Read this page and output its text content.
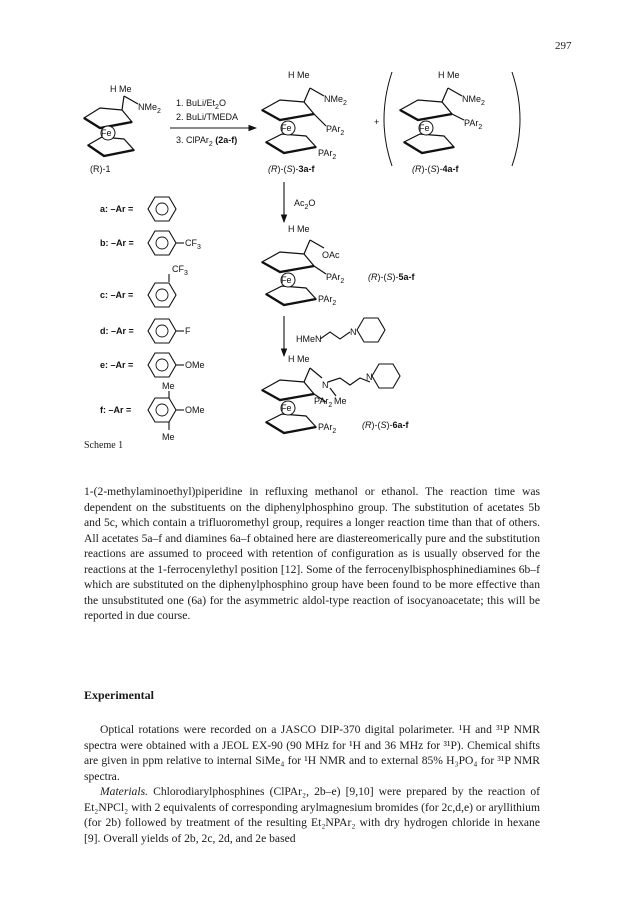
297
Fe
H Me
NMe$_2$
(R)-1
1. BuLi/$Et_2O$
2. BuLi/TMEDA
3. ClPAr$_2$ (2a-f)
Fe
H Me
NMe$_2$
PAr$_2$
PAr$_2$
(R)-(S)-3a-f
+
Fe
H Me
NMe$_2$
PAr$_2$
(R)-(S)-4a-f
a: –Ar =
b: –Ar =	$CF_3$
$CF_3$
c: –Ar =
d: –Ar =	F
e: –Ar =	OMe
Me
f: –Ar =	OMe
Me
$Ac_2O$
Fe
H Me
OAc
PAr$_2$
PAr$_2$
(R)-(S)-5a-f
HMeN
N
N
Fe
H Me
N
Me
PAr$_2$
PAr$_2$
(R)-(S)-6a-f
Scheme 1
1-(2-methylaminoethyl)piperidine in refluxing methanol or ethanol. The reaction time was dependent on the substituents on the diphenylphosphino group. The substitution of acetates 5b and 5c, which contain a trifluoromethyl group, requires a longer reaction time than that of others. All acetates 5a–f and diamines 6a–f obtained here are diastereomerically pure and the substitution reactions are assumed to proceed with retention of configuration as is usually observed for the reactions at the 1-ferrocenylethyl position [12]. Some of the ferrocenylbisphosphinediamines 6b–f which are substituted on the diphenylphosphino group have been found to be more effective than the unsubstituted one (6a) for the asymmetric aldol-type reaction of isocyanoacetate; this will be reported in due course.
Experimental
Optical rotations were recorded on a JASCO DIP-370 digital polarimeter. ¹H and ³¹P NMR spectra were obtained with a JEOL EX-90 (90 MHz for ¹H and 36 MHz for ³¹P). Chemical shifts are given in ppm relative to internal SiMe₄ for ¹H NMR and to external 85% H₃PO₄ for ³¹P NMR spectra.
Materials. Chlorodiarylphosphines (ClPAr₂, 2b–e) [9,10] were prepared by the reaction of Et₂NPCl₂ with 2 equivalents of corresponding arylmagnesium bromides (for 2c,d,e) or aryllithium (for 2b) followed by treatment of the resulting Et₂NPAr₂ with dry hydrogen chloride in hexane [9]. Overall yields of 2b, 2c, 2d, and 2e based
